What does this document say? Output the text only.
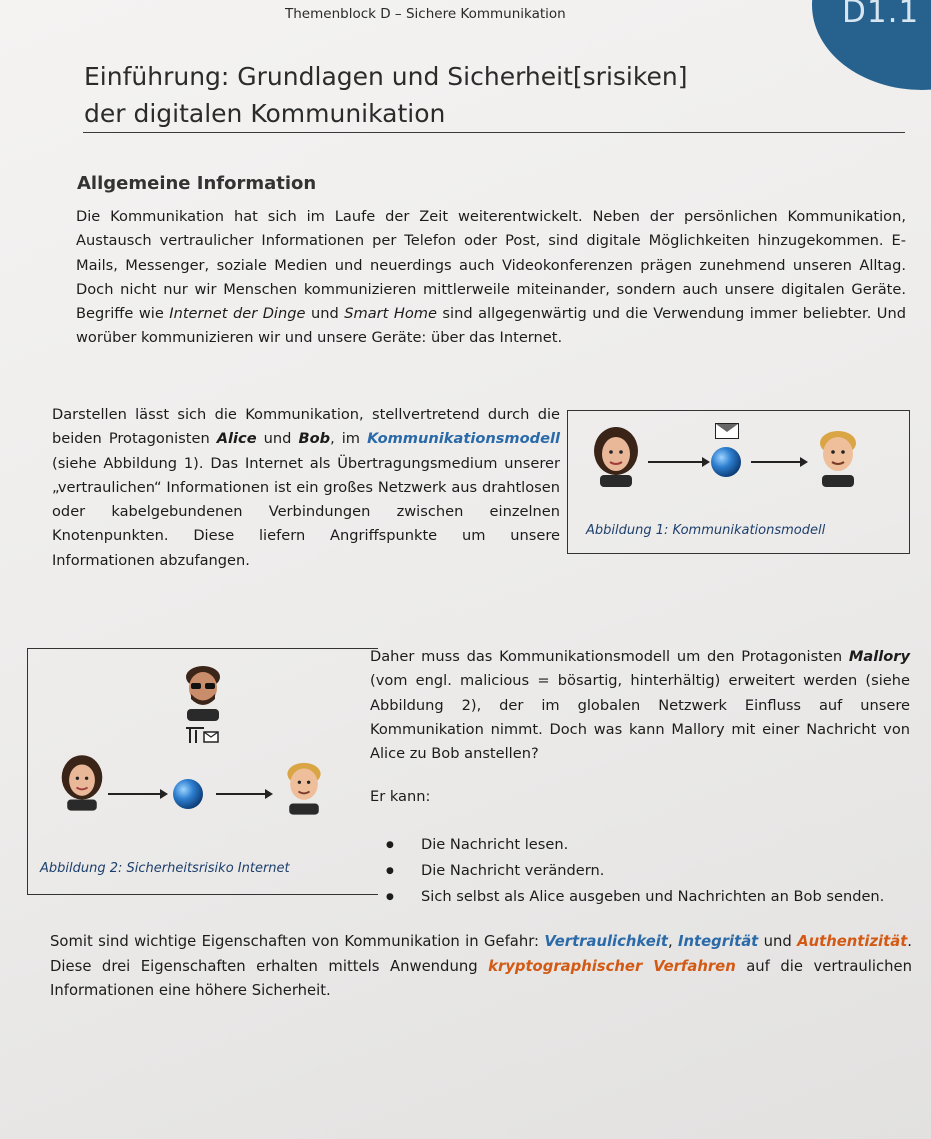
D1.1
Themenblock D – Sichere Kommunikation
Einführung: Grundlagen und Sicherheit[srisiken]
der digitalen Kommunikation
Allgemeine Information
Die Kommunikation hat sich im Laufe der Zeit weiterentwickelt. Neben der persönlichen Kommunikation, Austausch vertraulicher Informationen per Telefon oder Post, sind digitale Möglichkeiten hinzugekommen. E-Mails, Messenger, soziale Medien und neuerdings auch Videokonferenzen prägen zunehmend unseren Alltag. Doch nicht nur wir Menschen kommunizieren mittlerweile miteinander, sondern auch unsere digitalen Geräte. Begriffe wie Internet der Dinge und Smart Home sind allgegenwärtig und die Verwendung immer beliebter. Und worüber kommunizieren wir und unsere Geräte: über das Internet.
Darstellen lässt sich die Kommunikation, stellvertretend durch die beiden Protagonisten Alice und Bob, im Kommunikationsmodell (siehe Abbildung 1). Das Internet als Übertragungsmedium unserer „vertraulichen“ Informationen ist ein großes Netzwerk aus drahtlosen oder kabelgebundenen Verbindungen zwischen einzelnen Knotenpunkten. Diese liefern Angriffspunkte um unsere Informationen abzufangen.
Abbildung 1: Kommunikationsmodell
Abbildung 2: Sicherheitsrisiko Internet
Daher muss das Kommunikationsmodell um den Protagonisten Mallory (vom engl. malicious = bösartig, hinterhältig) erweitert werden (siehe Abbildung 2), der im globalen Netzwerk Einfluss auf unsere Kommunikation nimmt. Doch was kann Mallory mit einer Nachricht von Alice zu Bob anstellen?
Er kann:
● Die Nachricht lesen.
● Die Nachricht verändern.
● Sich selbst als Alice ausgeben und Nachrichten an Bob senden.
Somit sind wichtige Eigenschaften von Kommunikation in Gefahr: Vertraulichkeit, Integrität und Authentizität. Diese drei Eigenschaften erhalten mittels Anwendung kryptographischer Verfahren auf die vertraulichen Informationen eine höhere Sicherheit.
